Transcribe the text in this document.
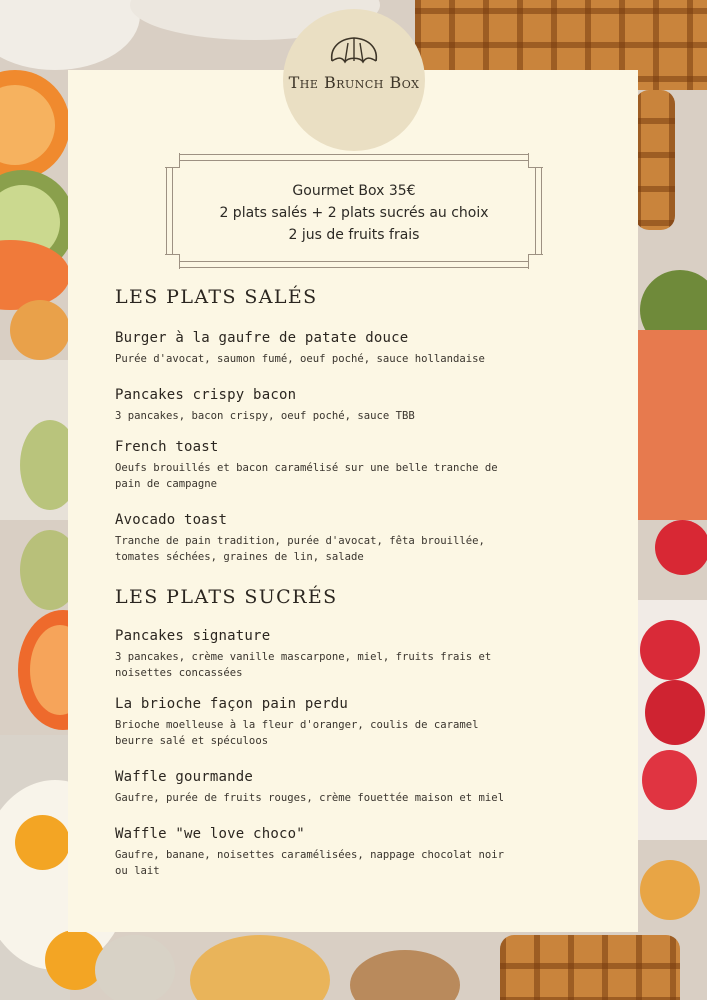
The Brunch Box
Gourmet Box 35€
2 plats salés + 2 plats sucrés au choix
2 jus de fruits frais
LES PLATS SALÉS

Burger à la gaufre de patate douce

Purée d'avocat, saumon fumé, oeuf poché, sauce hollandaise

Pancakes crispy bacon

3 pancakes, bacon crispy, oeuf poché, sauce TBB

French toast

Oeufs brouillés et bacon caramélisé sur une belle tranche de pain de campagne

Avocado toast

Tranche de pain tradition, purée d'avocat, fêta brouillée, tomates séchées, graines de lin, salade

LES PLATS SUCRÉS

Pancakes signature

3 pancakes, crème vanille mascarpone, miel, fruits frais et noisettes concassées

La brioche façon pain perdu

Brioche moelleuse à la fleur d'oranger, coulis de caramel beurre salé et spéculoos

Waffle gourmande

Gaufre, purée de fruits rouges, crème fouettée maison et miel

Waffle "we love choco"

Gaufre, banane, noisettes caramélisées, nappage chocolat noir ou lait
